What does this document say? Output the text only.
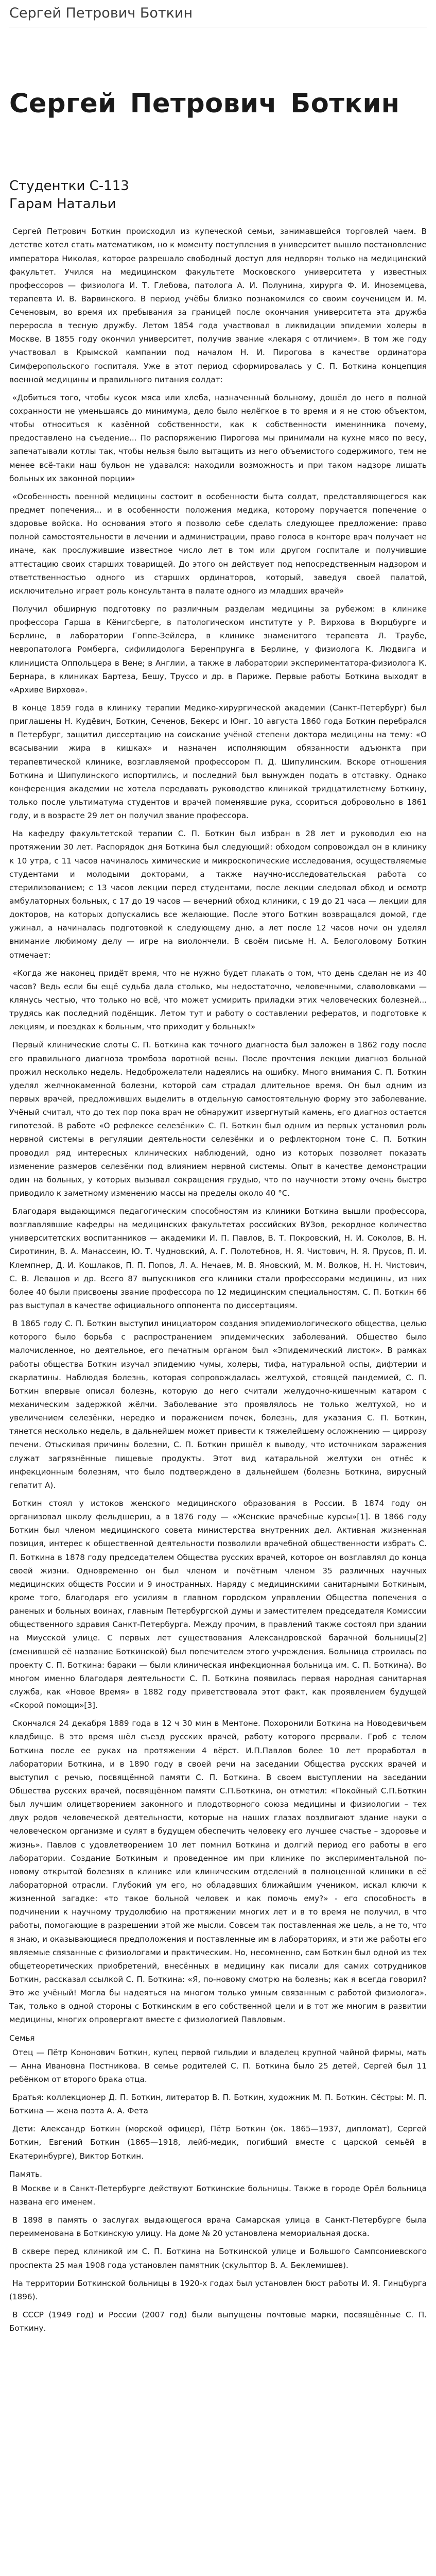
Сергей Петрович Боткин
Сергей Петрович Боткин
Студентки С-113
Гарам Натальи

Сергей Петрович Боткин происходил из купеческой семьи, занимавшейся торговлей чаем. В детстве хотел стать математиком, но к моменту поступления в университет вышло постановление императора Николая, которое разрешало свободный доступ для недворян только на медицинский факультет. Учился на медицинском факультете Московского университета у известных профессоров — физиолога И. Т. Глебова, патолога А. И. Полунина, хирурга Ф. И. Иноземцева, терапевта И. В. Варвинского. В период учёбы близко познакомился со своим соученицем И. М. Сеченовым, во время их пребывания за границей после окончания университета эта дружба переросла в тесную дружбу. Летом 1854 года участвовал в ликвидации эпидемии холеры в Москве. В 1855 году окончил университет, получив звание «лекаря с отличием». В том же году участвовал в Крымской кампании под началом Н. И. Пирогова в качестве ординатора Симферопольского госпиталя. Уже в этот период сформировалась у С. П. Боткина концепция военной медицины и правильного питания солдат:

«Добиться того, чтобы кусок мяса или хлеба, назначенный больному, дошёл до него в полной сохранности не уменьшаясь до минимума, дело было нелёгкое в то время и я не стою объектом, чтобы относиться к казённой собственности, как к собственности именинника почему, предоставлено на съедение... По распоряжению Пирогова мы принимали на кухне мясо по весу, запечатывали котлы так, чтобы нельзя было вытащить из него объемистого содержимого, тем не менее всё-таки наш бульон не удавался: находили возможность и при таком надзоре лишать больных их законной порции»

«Особенность военной медицины состоит в особенности быта солдат, представляющегося как предмет попечения... и в особенности положения медика, которому поручается попечение о здоровье войска. Но основания этого я позволю себе сделать следующее предложение: право полной самостоятельности в лечении и администрации, право голоса в конторе врач получает не иначе, как прослужившие известное число лет в том или другом госпитале и получившие аттестацию своих старших товарищей. До этого он действует под непосредственным надзором и ответственностью одного из старших ординаторов, который, заведуя своей палатой, исключительно играет роль консультанта в палате одного из младших врачей»

Получил обширную подготовку по различным разделам медицины за рубежом: в клинике профессора Гарша в Кёнигсберге, в патологическом институте у Р. Вирхова в Вюрцбурге и Берлине, в лаборатории Гоппе-Зейлера, в клинике знаменитого терапевта Л. Траубе, невропатолога Ромберга, сифилидолога Беренпрунга в Берлине, у физиолога К. Людвига и клинициста Оппольцера в Вене; в Англии, а также в лаборатории экспериментатора-физиолога К. Бернара, в клиниках Бартеза, Бешу, Труссо и др. в Париже. Первые работы Боткина выходят в «Архиве Вирхова».

В конце 1859 года в клинику терапии Медико-хирургической академии (Санкт-Петербург) был приглашены Н. Кудёвич, Боткин, Сеченов, Бекерс и Юнг. 10 августа 1860 года Боткин перебрался в Петербург, защитил диссертацию на соискание учёной степени доктора медицины на тему: «О всасывании жира в кишках» и назначен исполняющим обязанности адъюнкта при терапевтической клинике, возглавляемой профессором П. Д. Шипулинским. Вскоре отношения Боткина и Шипулинского испортились, и последний был вынужден подать в отставку. Однако конференция академии не хотела передавать руководство клиникой тридцатилетнему Боткину, только после ультиматума студентов и врачей поменявшие рука, ссориться добровольно в 1861 году, и в возрасте 29 лет он получил звание профессора.

На кафедру факультетской терапии С. П. Боткин был избран в 28 лет и руководил ею на протяжении 30 лет. Распорядок дня Боткина был следующий: обходом сопровождал он в клинику к 10 утра, с 11 часов начиналось химические и микроскопические исследования, осуществляемые студентами и молодыми докторами, а также научно-исследовательская работа со стерилизованием; с 13 часов лекции перед студентами, после лекции следовал обход и осмотр амбулаторных больных, с 17 до 19 часов — вечерний обход клиники, с 19 до 21 часа — лекции для докторов, на которых допускались все желающие. После этого Боткин возвращался домой, где ужинал, а начиналась подготовкой к следующему дню, а лет после 12 часов ночи он уделял внимание любимому делу — игре на виолончели. В своём письме Н. А. Белоголовому Боткин отмечает:

«Когда же наконец придёт время, что не нужно будет плакать о том, что день сделан не из 40 часов? Ведь если бы ещё судьба дала столько, мы недостаточно, человечными, славоловками — клянусь честью, что только но всё, что может усмирить приладки этих человеческих болезней... трудясь как последний подёнщик. Летом тут и работу о составлении рефератов, и подготовке к лекциям, и поездках к больным, что приходит у больных!»

Первый клинические слоты С. П. Боткина как точного диагноста был заложен в 1862 году после его правильного диагноза тромбоза воротной вены. После прочтения лекции диагноз больной прожил несколько недель. Недоброжелатели надеялись на ошибку. Много внимания С. П. Боткин уделял желчнокаменной болезни, которой сам страдал длительное время. Он был одним из первых врачей, предложивших выделить в отдельную самостоятельную форму это заболевание. Учёный считал, что до тех пор пока врач не обнаружит извергнутый камень, его диагноз остается гипотезой. В работе «О рефлексе селезёнки» С. П. Боткин был одним из первых установил роль нервной системы в регуляции деятельности селезёнки и о рефлекторном тоне С. П. Боткин проводил ряд интересных клинических наблюдений, одно из которых позволяет показать изменение размеров селезёнки под влиянием нервной системы. Опыт в качестве демонстрации один на больных, у которых вызывал сокращения грудью, что по научности этому очень быстро приводило к заметному изменению массы на пределы около 40 °C.

Благодаря выдающимся педагогическим способностям из клиники Боткина вышли профессора, возглавлявшие кафедры на медицинских факультетах российских ВУЗов, рекордное количество университетских воспитанников — академики И. П. Павлов, В. Т. Покровский, Н. И. Соколов, В. Н. Сиротинин, В. А. Манассеин, Ю. Т. Чудновский, А. Г. Полотебнов, Н. Я. Чистович, Н. Я. Прусов, П. И. Клемпнер, Д. И. Кошлаков, П. П. Попов, Л. А. Нечаев, М. В. Яновский, М. М. Волков, Н. Н. Чистович, С. В. Левашов и др. Всего 87 выпускников его клиники стали профессорами медицины, из них более 40 были присвоены звание профессора по 12 медицинским специальностям. С. П. Боткин 66 раз выступал в качестве официального оппонента по диссертациям.

В 1865 году С. П. Боткин выступил инициатором создания эпидемиологического общества, целью которого было борьба с распространением эпидемических заболеваний. Общество было малочисленное, но деятельное, его печатным органом был «Эпидемический листок». В рамках работы общества Боткин изучал эпидемию чумы, холеры, тифа, натуральной оспы, дифтерии и скарлатины. Наблюдая болезнь, которая сопровождалась желтухой, стоящей пандемией, С. П. Боткин впервые описал болезнь, которую до него считали желудочно-кишечным катаром с механическим задержкой жёлчи. Заболевание это проявлялось не только желтухой, но и увеличением селезёнки, нередко и поражением почек, болезнь, для указания С. П. Боткин, тянется несколько недель, в дальнейшем может привести к тяжелейшему осложнению — циррозу печени. Отыскивая причины болезни, С. П. Боткин пришёл к выводу, что источником заражения служат загрязнённые пищевые продукты. Этот вид катаральной желтухи он отнёс к инфекционным болезням, что было подтверждено в дальнейшем (болезнь Боткина, вирусный гепатит А).

Боткин стоял у истоков женского медицинского образования в России. В 1874 году он организовал школу фельдшериц, а в 1876 году — «Женские врачебные курсы»[1]. В 1866 году Боткин был членом медицинского совета министерства внутренних дел. Активная жизненная позиция, интерес к общественной деятельности позволили врачебной общественности избрать С. П. Боткина в 1878 году председателем Общества русских врачей, которое он возглавлял до конца своей жизни. Одновременно он был членом и почётным членом 35 различных научных медицинских обществ России и 9 иностранных. Наряду с медицинскими санитарными Боткиным, кроме того, благодаря его усилиям в главном городском управлении Общества попечения о раненых и больных воинах, главным Петербургской думы и заместителем председателя Комиссии общественного здравия Санкт-Петербурга. Между прочим, в правлений также состоял при здании на Миусской улице. С первых лет существования Александровской барачной больницы[2] (сменившей её название Боткинской) был попечителем этого учреждения. Больница строилась по проекту С. П. Боткина: бараки — были клиническая инфекционная больница им. С. П. Боткина). Во многом именно благодаря деятельности С. П. Боткина появилась первая народная санитарная служба, как «Новое Время» в 1882 году приветствовала этот факт, как проявлением будущей «Скорой помощи»[3].

Скончался 24 декабря 1889 года в 12 ч 30 мин в Ментоне. Похоронили Боткина на Новодевичьем кладбище. В это время шёл съезд русских врачей, работу которого прервали. Гроб с телом Боткина после ее руках на протяжении 4 вёрст. И.П.Павлов более 10 лет проработал в лаборатории Боткина, и в 1890 году в своей речи на заседании Общества русских врачей и выступил с речью, посвящённой памяти С. П. Боткина. В своем выступлении на заседании Общества русских врачей, посвящённом памяти С.П.Боткина, он отметил: «Покойный С.П.Боткин был лучшим олицетворением законного и плодотворного союза медицины и физиологии – тех двух родов человеческой деятельности, которые на наших глазах воздвигают здание науки о человеческом организме и сулят в будущем обеспечить человеку его лучшее счастье – здоровье и жизнь». Павлов с удовлетворением 10 лет помнил Боткина и долгий период его работы в его лаборатории. Создание Боткиным и проведенное им при клинике по экспериментальной по-новому открытой болезнях в клинике или клиническим отделений в полноценной клиники в её лабораторной отрасли. Глубокий ум его, но обладавших ближайшим учеником, искал ключи к жизненной загадке: «то такое больной человек и как помочь ему?» - его способность в подчинении к научному трудолюбию на протяжении многих лет и в то время не получил, в что работы, помогающие в разрешении этой же мысли. Совсем так поставленная же цель, а не то, что я знаю, и оказывающиеся предположения и поставленные им в лабораториях, и эти же работы его являемые связанные с физиологами и практическим. Но, несомненно, сам Боткин был одной из тех общетеоретических приобретений, внесённых в медицину как писали для самих сотрудников Боткин, рассказал ссылкой С. П. Боткина: «Я, по-новому смотрю на болезнь; как я всегда говорил? Это же учёный! Могла бы надеяться на многом только умным связанным с работой физиолога». Так, только в одной стороны с Боткинским в его собственной цели и в тот же многим в развитии медицины, многих опровергают вместе с физиологией Павловым.

Семья

Отец — Пётр Кононович Боткин, купец первой гильдии и владелец крупной чайной фирмы, мать — Анна Ивановна Постникова. В семье родителей С. П. Боткина было 25 детей, Сергей был 11 ребёнком от второго брака отца.

Братья: коллекционер Д. П. Боткин, литератор В. П. Боткин, художник М. П. Боткин. Сёстры: М. П. Боткина — жена поэта А. А. Фета

Дети: Александр Боткин (морской офицер), Пётр Боткин (ок. 1865—1937, дипломат), Сергей Боткин, Евгений Боткин (1865—1918, лейб-медик, погибший вместе с царской семьёй в Екатеринбурге), Виктор Боткин.

Память.

В Москве и в Санкт-Петербурге действуют Боткинские больницы. Также в городе Орёл больница названа его именем.

В 1898 в память о заслугах выдающегося врача Самарская улица в Санкт-Петербурге была переименована в Боткинскую улицу. На доме № 20 установлена мемориальная доска.

В сквере перед клиникой им С. П. Боткина на Боткинской улице и Большого Сампсониевского проспекта 25 мая 1908 года установлен памятник (скульптор В. А. Беклемишев).

На территории Боткинской больницы в 1920-х годах был установлен бюст работы И. Я. Гинцбурга (1896).

В СССР (1949 год) и России (2007 год) были выпущены почтовые марки, посвящённые С. П. Боткину.
